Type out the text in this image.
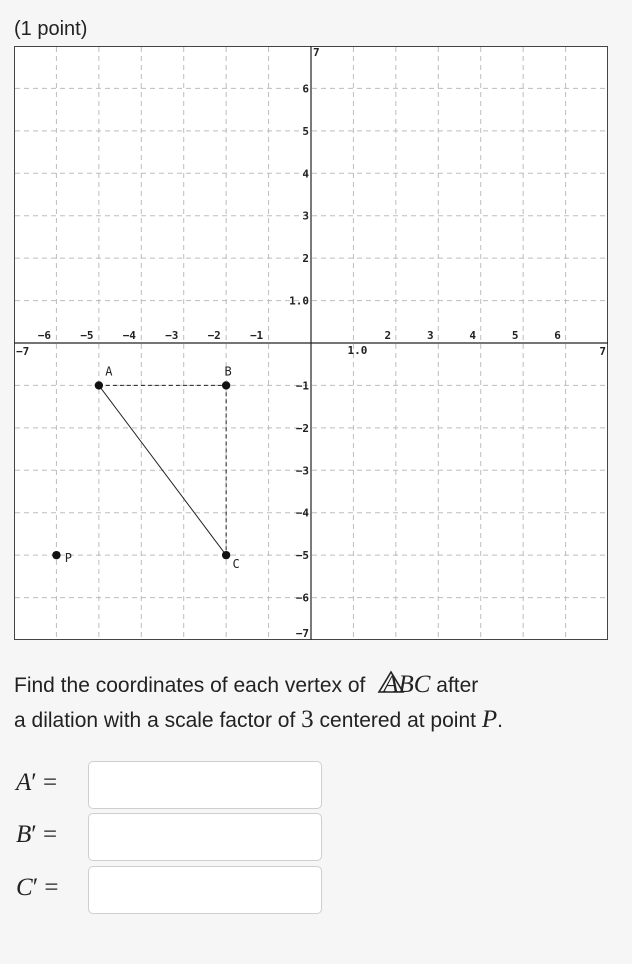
(1 point)
−6	−5	−4	−3	−2	−1
1.0
2	3	4	5	6
1.0
2
3
4
5
6
−1
−2
−3
−4
−5
−6
−7	7
7
−7
A	B
C
P
Find the coordinates of each vertex of ABC after
a dilation with a scale factor of 3 centered at point P.
A′ =
B′ =
C′ =
